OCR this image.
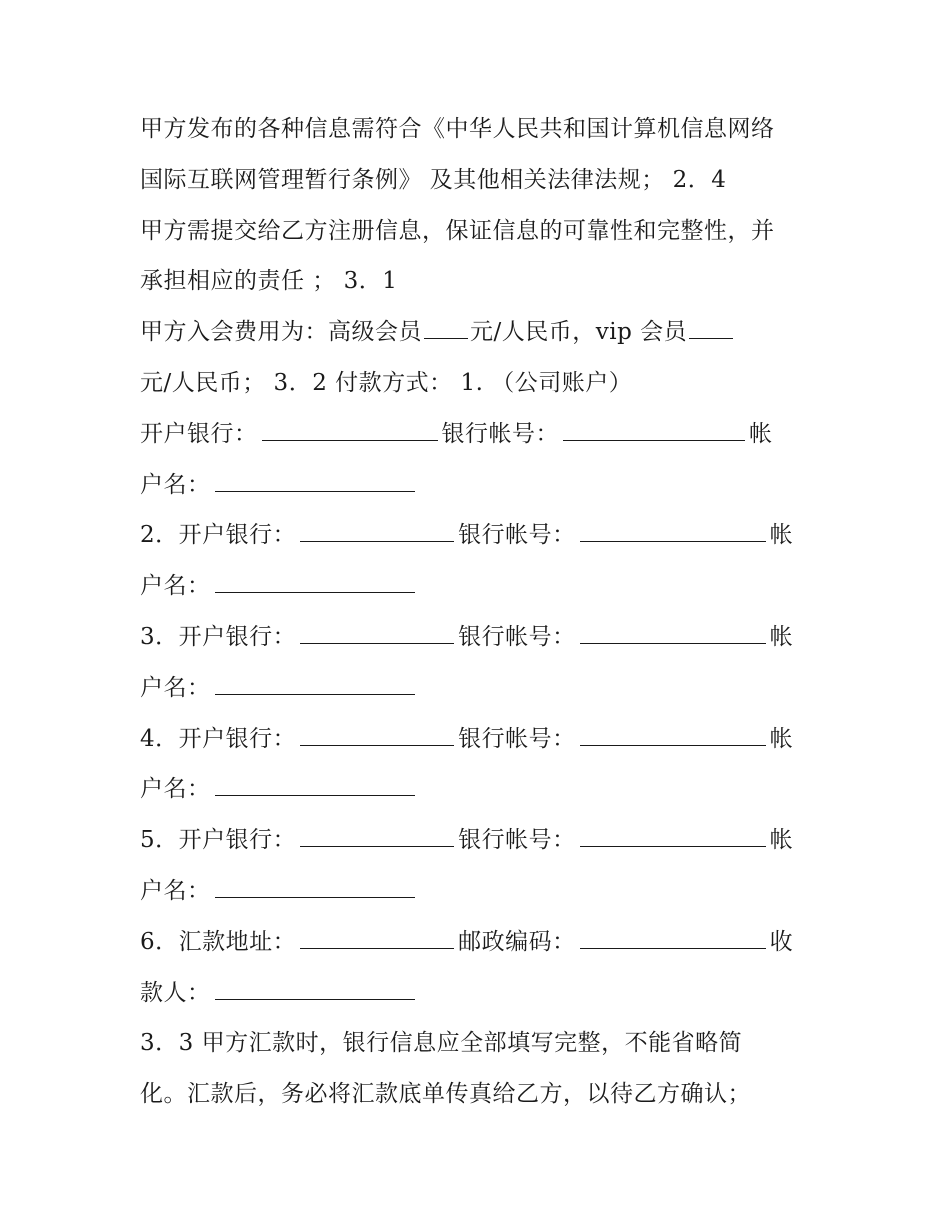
甲方发布的各种信息需符合《中华人民共和国计算机信息网络
国际互联网管理暂行条例》 及其他相关法律法规； 2．4
甲方需提交给乙方注册信息，保证信息的可靠性和完整性，并
承担相应的责任 ； 3．1
甲方入会费用为：高级会员 元/人民币，vip 会员
元/人民币； 3．2 付款方式： 1. （公司账户）
开户银行：	银行帐号：	帐
户名：
2．开户银行：	银行帐号：	帐
户名：
3．开户银行：	银行帐号：	帐
户名：
4．开户银行：	银行帐号：	帐
户名：
5．开户银行：	银行帐号：	帐
户名：
6．汇款地址：	邮政编码：	收
款人：
3．3 甲方汇款时，银行信息应全部填写完整，不能省略简
化。汇款后，务必将汇款底单传真给乙方，以待乙方确认；
